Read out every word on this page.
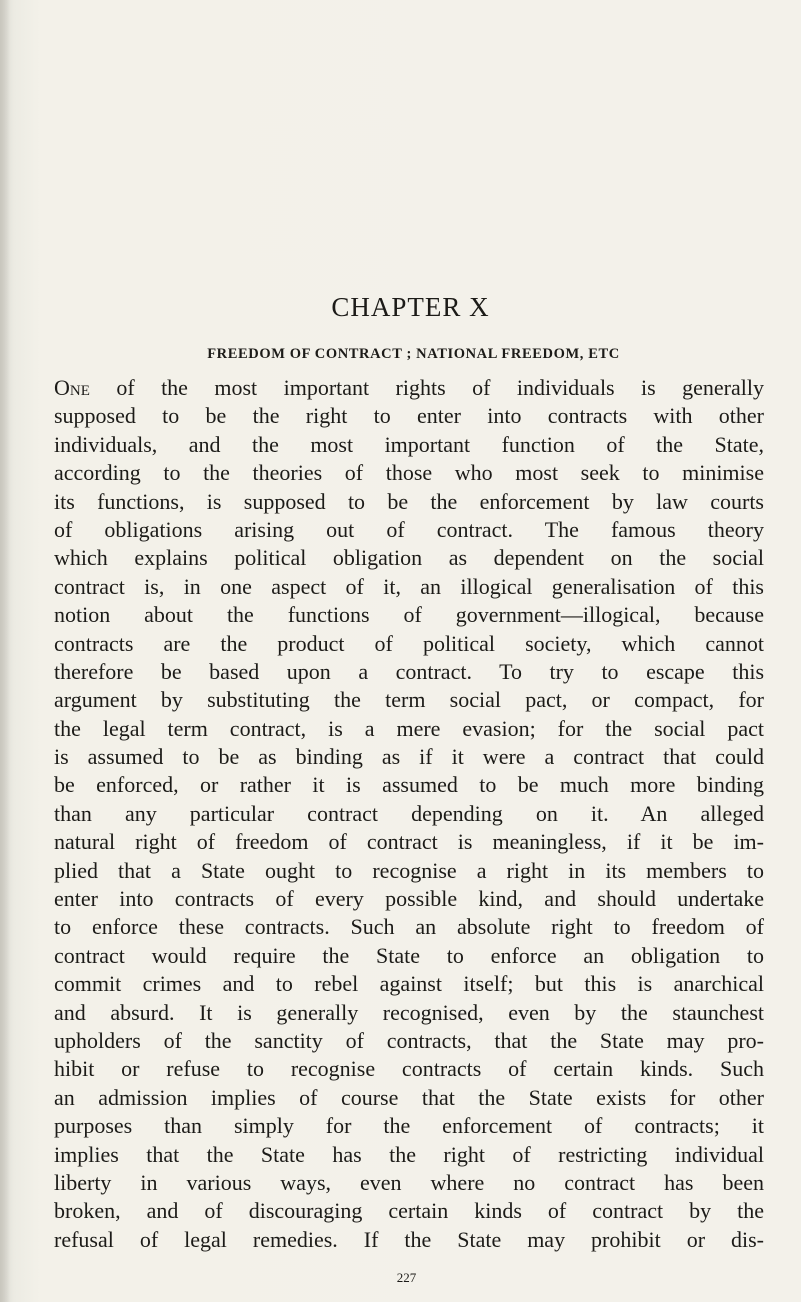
CHAPTER X
FREEDOM OF CONTRACT ; NATIONAL FREEDOM, ETC
One of the most important rights of individuals is generally
supposed to be the right to enter into contracts with other
individuals, and the most important function of the State,
according to the theories of those who most seek to minimise
its functions, is supposed to be the enforcement by law courts
of obligations arising out of contract. The famous theory
which explains political obligation as dependent on the social
contract is, in one aspect of it, an illogical generalisation of this
notion about the functions of government—illogical, because
contracts are the product of political society, which cannot
therefore be based upon a contract. To try to escape this
argument by substituting the term social pact, or compact, for
the legal term contract, is a mere evasion; for the social pact
is assumed to be as binding as if it were a contract that could
be enforced, or rather it is assumed to be much more binding
than any particular contract depending on it. An alleged
natural right of freedom of contract is meaningless, if it be im-
plied that a State ought to recognise a right in its members to
enter into contracts of every possible kind, and should undertake
to enforce these contracts. Such an absolute right to freedom of
contract would require the State to enforce an obligation to
commit crimes and to rebel against itself; but this is anarchical
and absurd. It is generally recognised, even by the staunchest
upholders of the sanctity of contracts, that the State may pro-
hibit or refuse to recognise contracts of certain kinds. Such
an admission implies of course that the State exists for other
purposes than simply for the enforcement of contracts; it
implies that the State has the right of restricting individual
liberty in various ways, even where no contract has been
broken, and of discouraging certain kinds of contract by the
refusal of legal remedies. If the State may prohibit or dis-
227
